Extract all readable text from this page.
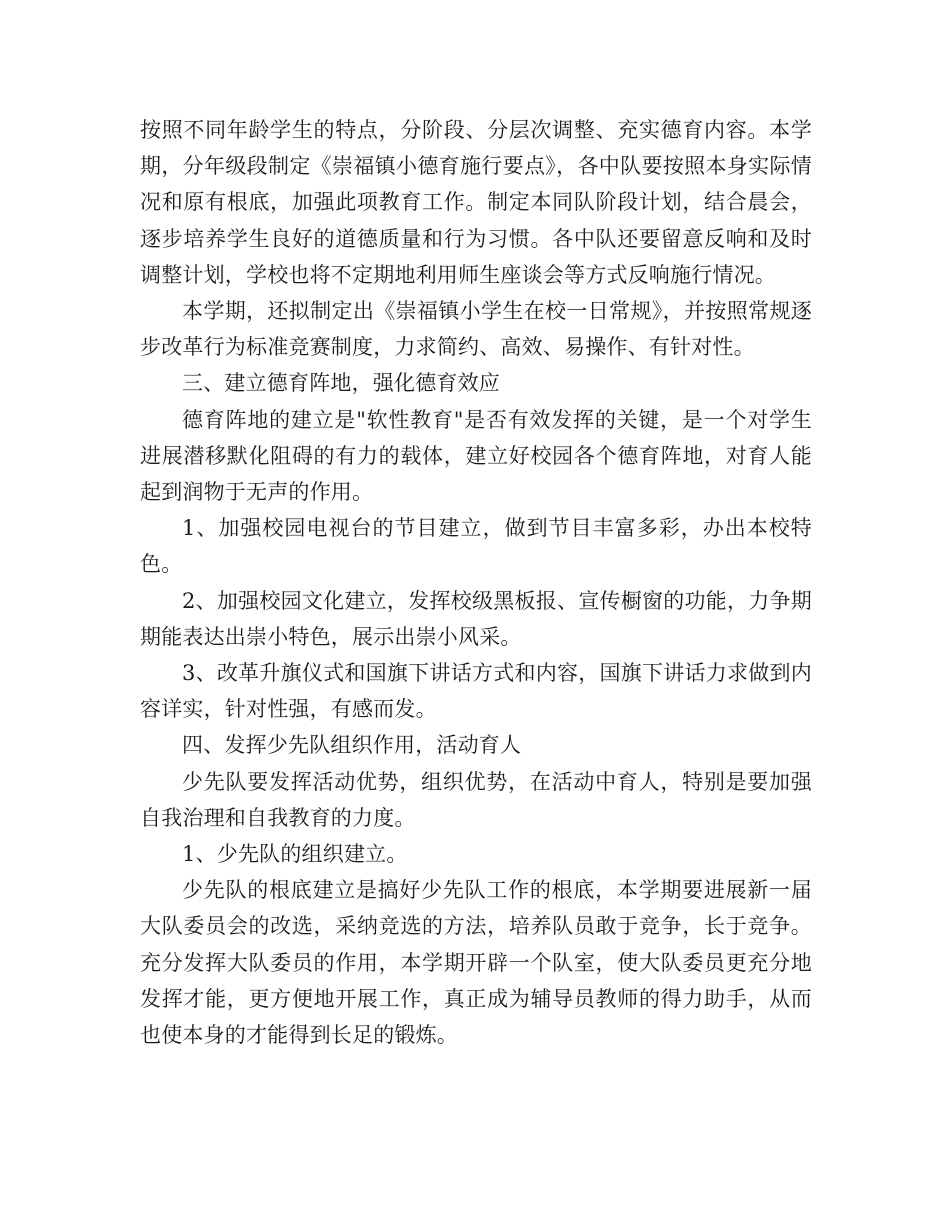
按照不同年龄学生的特点，分阶段、分层次调整、充实德育内容。本学期，分年级段制定《崇福镇小德育施行要点》，各中队要按照本身实际情况和原有根底，加强此项教育工作。制定本同队阶段计划，结合晨会，逐步培养学生良好的道德质量和行为习惯。各中队还要留意反响和及时调整计划，学校也将不定期地利用师生座谈会等方式反响施行情况。

本学期，还拟制定出《崇福镇小学生在校一日常规》，并按照常规逐步改革行为标准竞赛制度，力求简约、高效、易操作、有针对性。

三、建立德育阵地，强化德育效应

德育阵地的建立是"软性教育"是否有效发挥的关键，是一个对学生进展潜移默化阻碍的有力的载体，建立好校园各个德育阵地，对育人能起到润物于无声的作用。

1、加强校园电视台的节目建立，做到节目丰富多彩，办出本校特色。

2、加强校园文化建立，发挥校级黑板报、宣传橱窗的功能，力争期期能表达出崇小特色，展示出崇小风采。

3、改革升旗仪式和国旗下讲话方式和内容，国旗下讲话力求做到内容详实，针对性强，有感而发。

四、发挥少先队组织作用，活动育人

少先队要发挥活动优势，组织优势，在活动中育人，特别是要加强自我治理和自我教育的力度。

1、少先队的组织建立。

少先队的根底建立是搞好少先队工作的根底，本学期要进展新一届大队委员会的改选，采纳竞选的方法，培养队员敢于竞争，长于竞争。充分发挥大队委员的作用，本学期开辟一个队室，使大队委员更充分地发挥才能，更方便地开展工作，真正成为辅导员教师的得力助手，从而也使本身的才能得到长足的锻炼。
